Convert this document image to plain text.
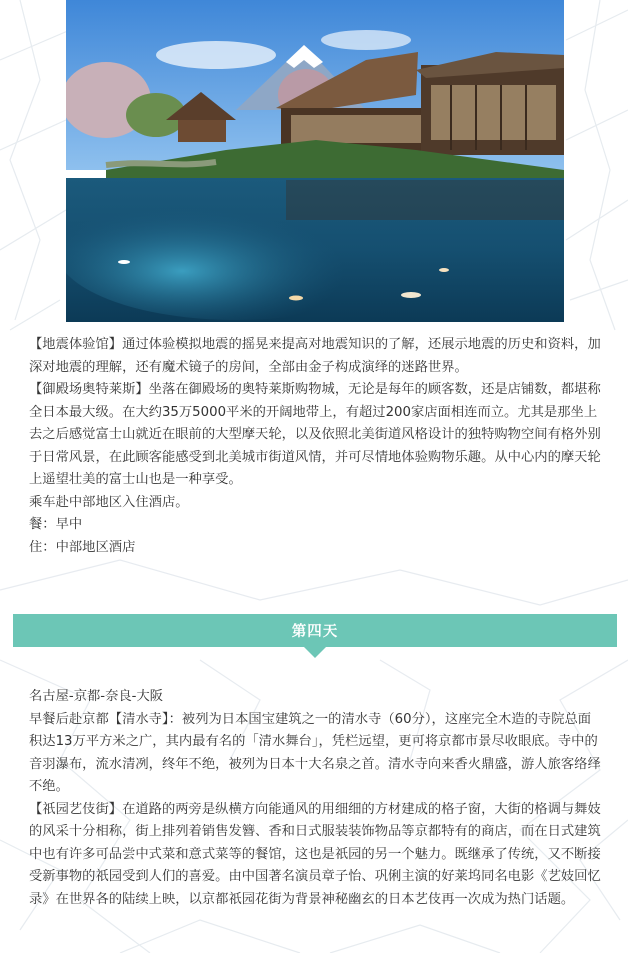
【地震体验馆】通过体验模拟地震的摇晃来提高对地震知识的了解，还展示地震的历史和资料，加深对地震的理解，还有魔术镜子的房间，全部由金子构成演绎的迷路世界。

【御殿场奥特莱斯】坐落在御殿场的奥特莱斯购物城，无论是每年的顾客数，还是店铺数，都堪称全日本最大级。在大约35万5000平米的开阔地带上，有超过200家店面相连而立。尤其是那坐上去之后感觉富士山就近在眼前的大型摩天轮，以及依照北美街道风格设计的独特购物空间有格外别于日常风景，在此顾客能感受到北美城市街道风情，并可尽情地体验购物乐趣。从中心内的摩天轮上遥望壮美的富士山也是一种享受。

乘车赴中部地区入住酒店。

餐：早中

住：中部地区酒店

第四天

名古屋-京都-奈良-大阪

早餐后赴京都【清水寺】：被列为日本国宝建筑之一的清水寺（60分），这座完全木造的寺院总面积达13万平方米之广，其内最有名的「清水舞台」，凭栏远望，更可将京都市景尽收眼底。寺中的音羽瀑布，流水清冽，终年不绝，被列为日本十大名泉之首。清水寺向来香火鼎盛，游人旅客络绎不绝。

【祇园艺伎街】在道路的两旁是纵横方向能通风的用细细的方材建成的格子窗，大街的格调与舞妓的风采十分相称，街上排列着销售发簪、香和日式服装装饰物品等京都特有的商店，而在日式建筑中也有许多可品尝中式菜和意式菜等的餐馆，这也是祇园的另一个魅力。既继承了传统，又不断接受新事物的祇园受到人们的喜爱。由中国著名演员章子怡、巩俐主演的好莱坞同名电影《艺妓回忆录》在世界各的陆续上映，以京都祇园花街为背景神秘幽玄的日本艺伎再一次成为热门话题。
